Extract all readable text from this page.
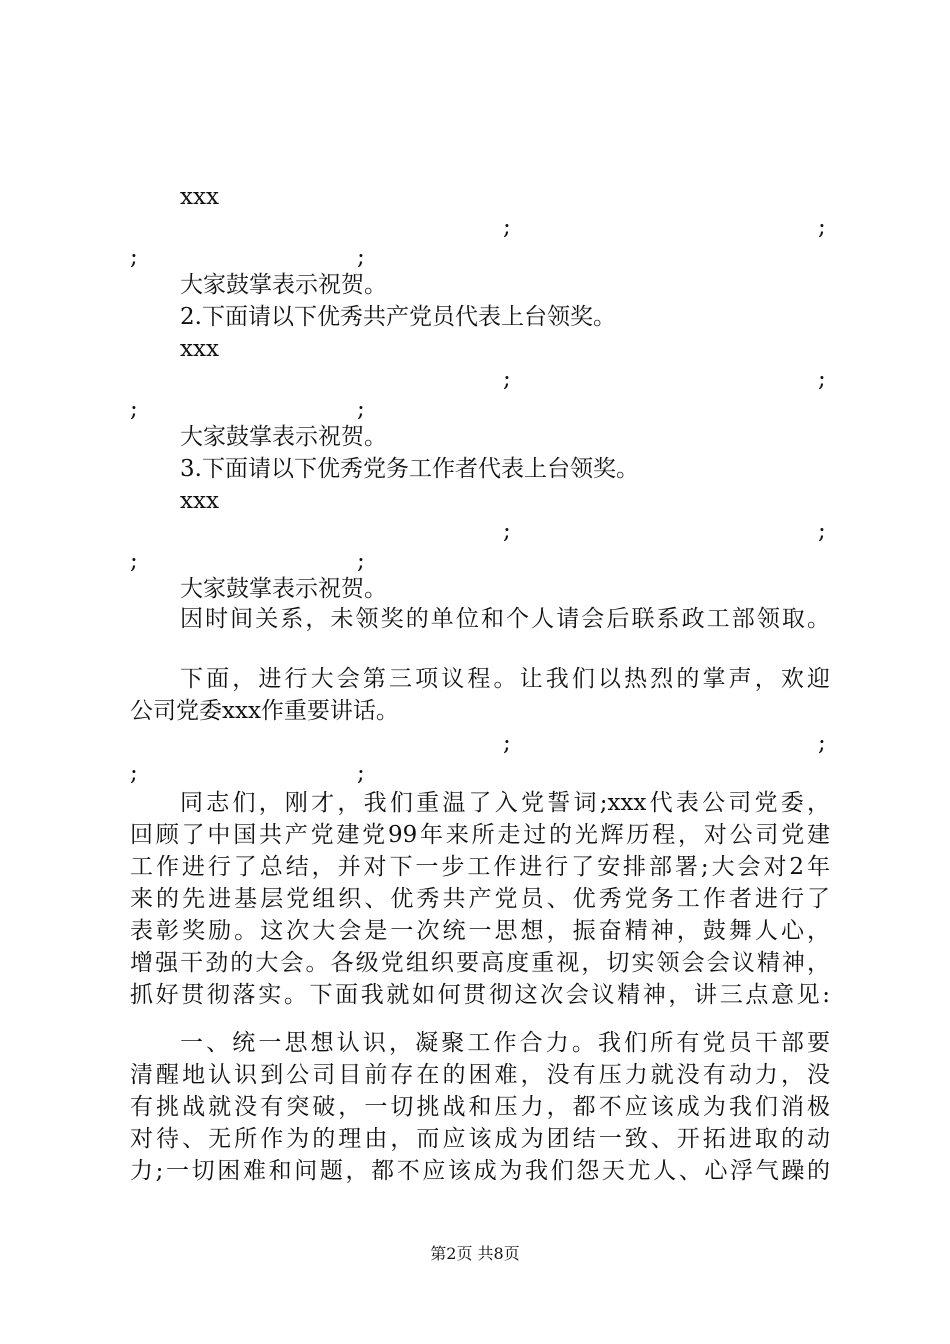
xxx
;	;
;	;
大家鼓掌表示祝贺。
2.下面请以下优秀共产党员代表上台领奖。
xxx
;	;
;	;
大家鼓掌表示祝贺。
3.下面请以下优秀党务工作者代表上台领奖。
xxx
;	;
;	;
大家鼓掌表示祝贺。
因时间关系，未领奖的单位和个人请会后联系政工部领取。
下面，进行大会第三项议程。让我们以热烈的掌声，欢迎
公司党委xxx作重要讲话。
;	;
;	;
同志们，刚才，我们重温了入党誓词;xxx代表公司党委，
回顾了中国共产党建党99年来所走过的光辉历程，对公司党建
工作进行了总结，并对下一步工作进行了安排部署;大会对2年
来的先进基层党组织、优秀共产党员、优秀党务工作者进行了
表彰奖励。这次大会是一次统一思想，振奋精神，鼓舞人心，
增强干劲的大会。各级党组织要高度重视，切实领会会议精神，
抓好贯彻落实。下面我就如何贯彻这次会议精神，讲三点意见:
一、统一思想认识，凝聚工作合力。我们所有党员干部要
清醒地认识到公司目前存在的困难，没有压力就没有动力，没
有挑战就没有突破，一切挑战和压力，都不应该成为我们消极
对待、无所作为的理由，而应该成为团结一致、开拓进取的动
力;一切困难和问题，都不应该成为我们怨天尤人、心浮气躁的
第2页 共8页
